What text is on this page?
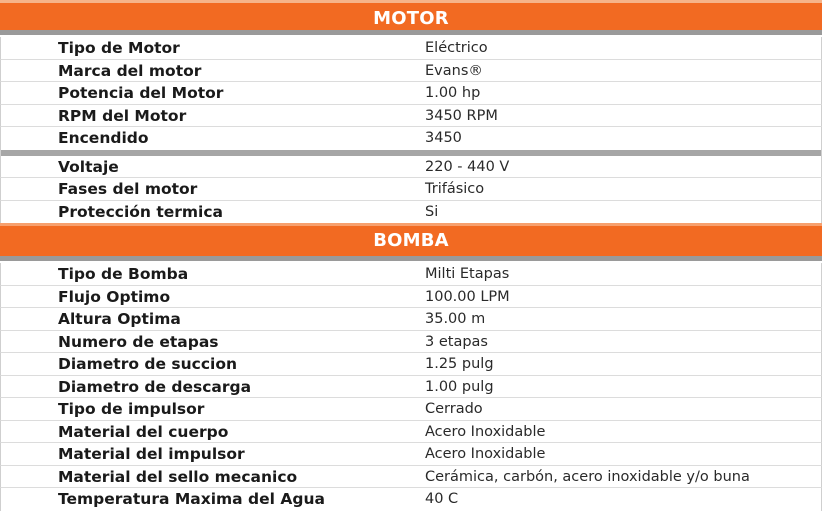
MOTOR
Tipo de Motor	Eléctrico
Marca del motor	Evans®
Potencia del Motor	1.00 hp
RPM del Motor	3450 RPM
Encendido	3450
Voltaje	220 - 440 V
Fases del motor	Trifásico
Protección termica	Si
BOMBA
Tipo de Bomba	Milti Etapas
Flujo Optimo	100.00 LPM
Altura Optima	35.00 m
Numero de etapas	3 etapas
Diametro de succion	1.25 pulg
Diametro de descarga	1.00 pulg
Tipo de impulsor	Cerrado
Material del cuerpo	Acero Inoxidable
Material del impulsor	Acero Inoxidable
Material del sello mecanico	Cerámica, carbón, acero inoxidable y/o buna
Temperatura Maxima del Agua	40 C
